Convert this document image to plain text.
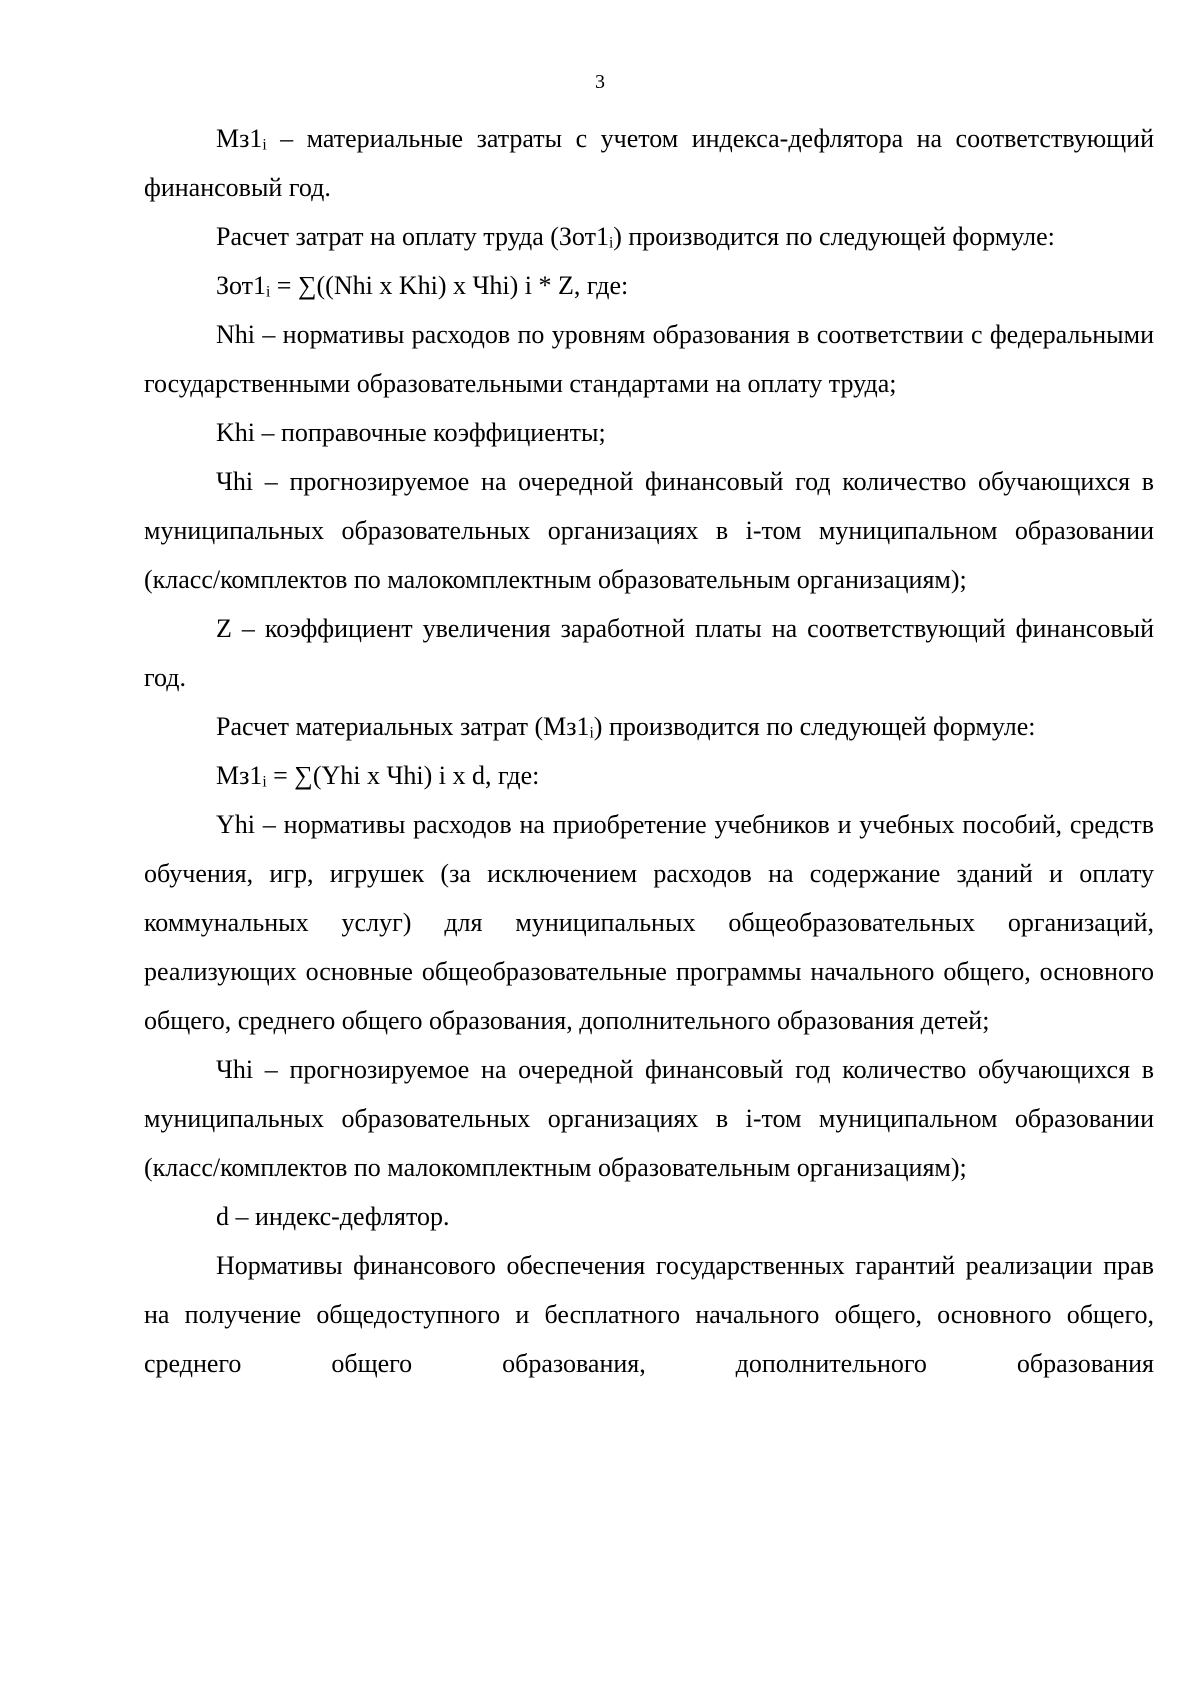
3

Мз1ᵢ – материальные затраты с учетом индекса-дефлятора на соответствующий финансовый год.

Расчет затрат на оплату труда (Зот1ᵢ) производится по следующей формуле:

Зот1ᵢ = ∑((Nhi х Khi) х Чhi) i * Z, где:

Nhi – нормативы расходов по уровням образования в соответствии с федеральными государственными образовательными стандартами на оплату труда;

Khi – поправочные коэффициенты;

Чhi – прогнозируемое на очередной финансовый год количество обучающихся в муниципальных образовательных организациях в i-том муниципальном образовании (класс/комплектов по малокомплектным образовательным организациям);

Z – коэффициент увеличения заработной платы на соответствующий финансовый год.

Расчет материальных затрат (Мз1ᵢ) производится по следующей формуле:

Мз1ᵢ = ∑(Yhi х Чhi) i х d, где:

Yhi – нормативы расходов на приобретение учебников и учебных пособий, средств обучения, игр, игрушек (за исключением расходов на содержание зданий и оплату коммунальных услуг) для муниципальных общеобразовательных организаций, реализующих основные общеобразовательные программы начального общего, основного общего, среднего общего образования, дополнительного образования детей;

Чhi – прогнозируемое на очередной финансовый год количество обучающихся в муниципальных образовательных организациях в i-том муниципальном образовании (класс/комплектов по малокомплектным образовательным организациям);

d – индекс-дефлятор.

Нормативы финансового обеспечения государственных гарантий реализации прав на получение общедоступного и бесплатного начального общего, основного общего, среднего общего образования, дополнительного образования
